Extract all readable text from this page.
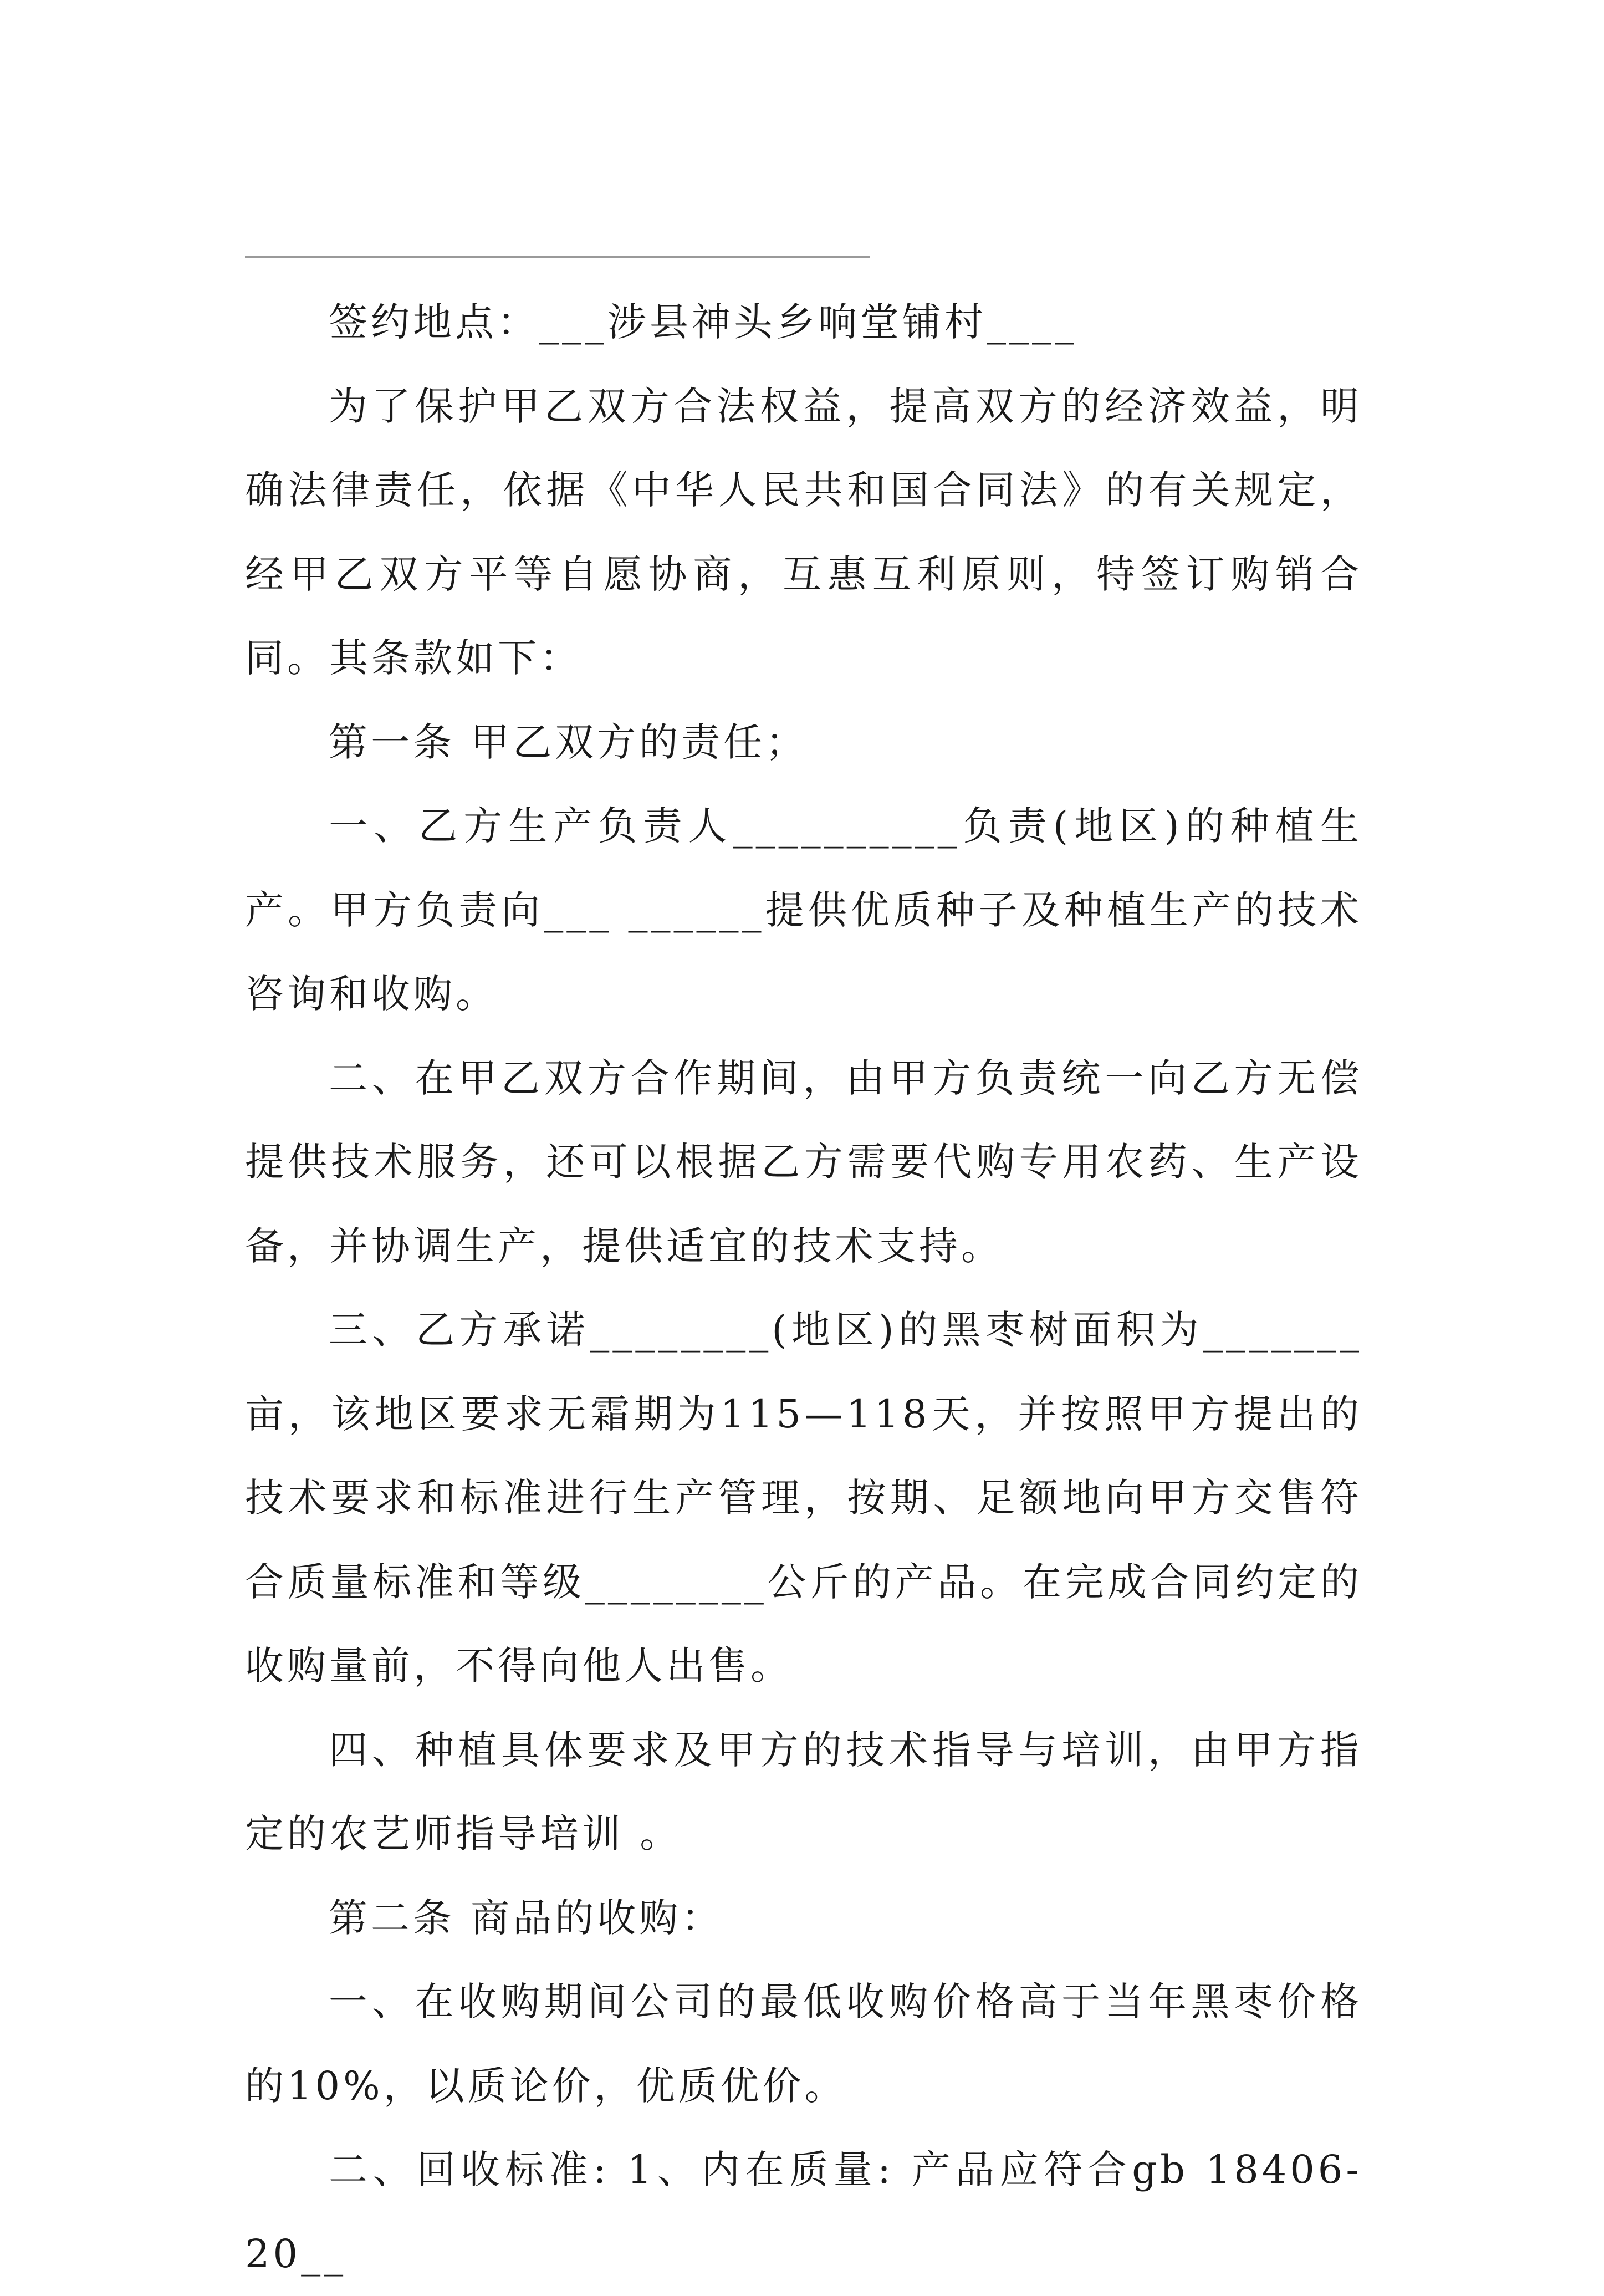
签约地点：___涉县神头乡响堂铺村____

为了保护甲乙双方合法权益，提高双方的经济效益，明确法律责任，依据《中华人民共和国合同法》的有关规定，经甲乙双方平等自愿协商，互惠互利原则，特签订购销合同。其条款如下：

第一条 甲乙双方的责任；

一、乙方生产负责人__________负责(地区)的种植生产。甲方负责向___ ______提供优质种子及种植生产的技术咨询和收购。

二、在甲乙双方合作期间，由甲方负责统一向乙方无偿提供技术服务，还可以根据乙方需要代购专用农药、生产设备，并协调生产，提供适宜的技术支持。

三、乙方承诺________(地区)的黑枣树面积为_______亩，该地区要求无霜期为115—118天，并按照甲方提出的技术要求和标准进行生产管理，按期、足额地向甲方交售符合质量标准和等级________公斤的产品。在完成合同约定的收购量前，不得向他人出售。

四、种植具体要求及甲方的技术指导与培训，由甲方指定的农艺师指导培训 。

第二条 商品的收购：

一、在收购期间公司的最低收购价格高于当年黑枣价格的10%，以质论价，优质优价。

二、回收标准: 1、内在质量: 产品应符合gb 18406-20__
